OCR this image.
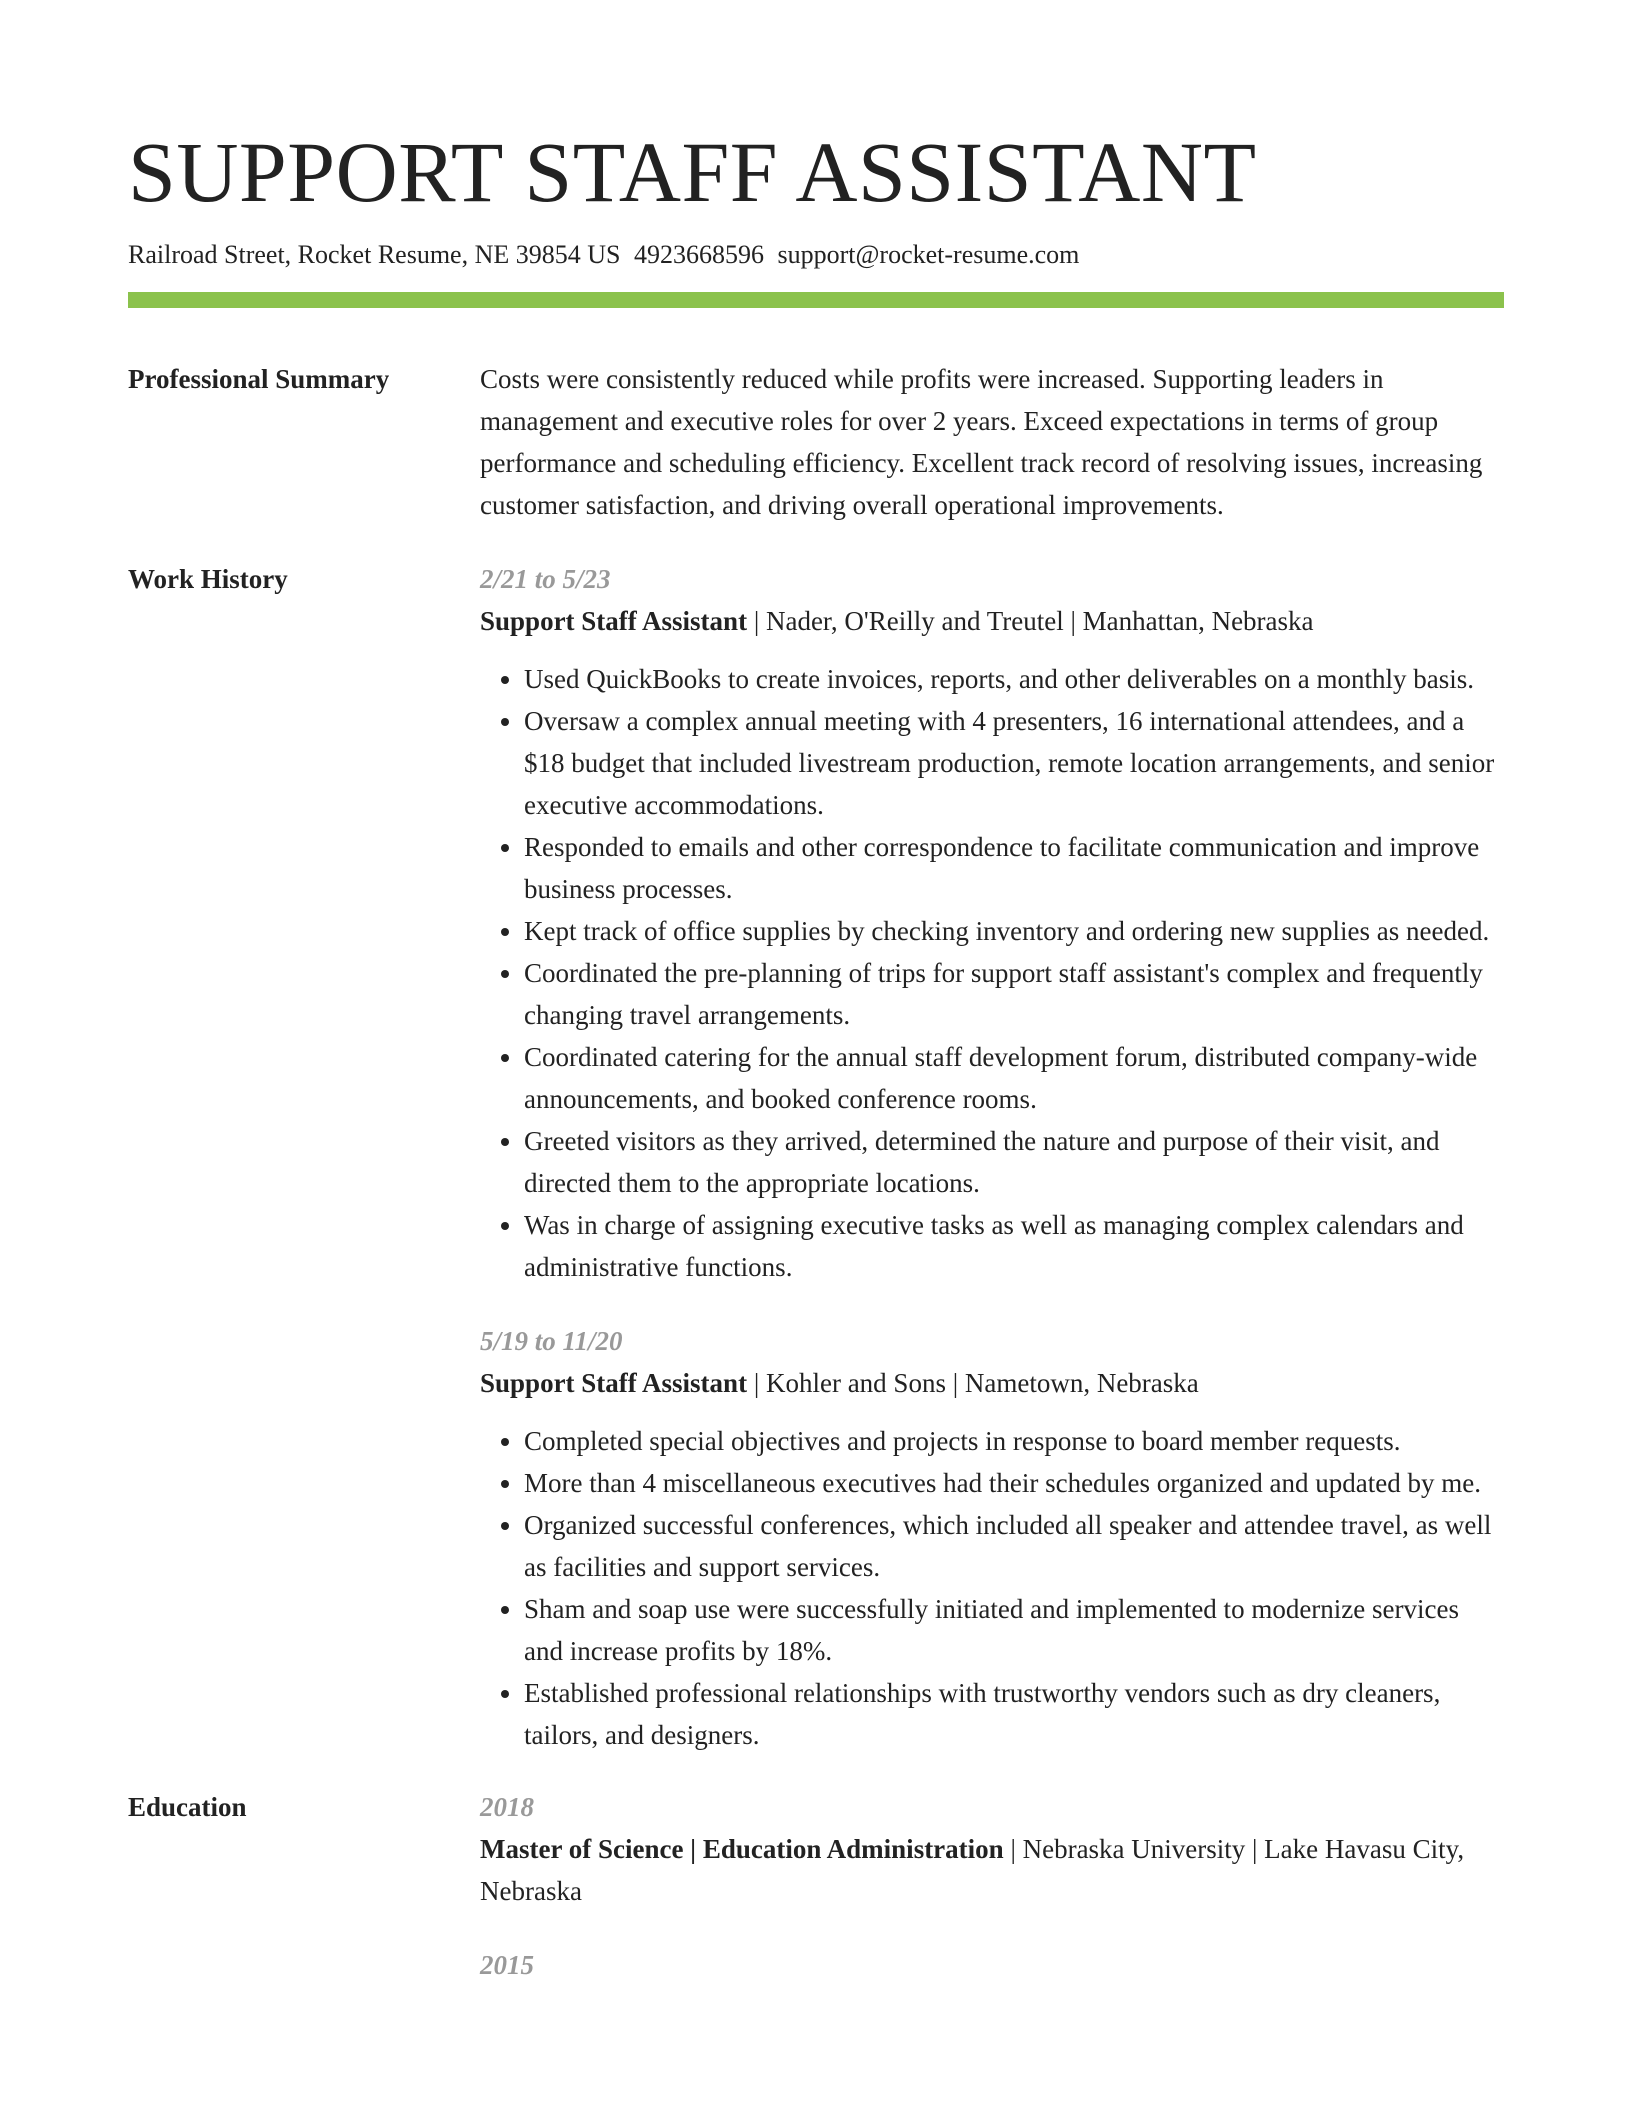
SUPPORT STAFF ASSISTANT
Railroad Street, Rocket Resume, NE 39854 US 4923668596 support@rocket-resume.com
Professional Summary	Costs were consistently reduced while profits were increased. Supporting leaders in management and executive roles for over 2 years. Exceed expectations in terms of group performance and scheduling efficiency. Excellent track record of resolving issues, increasing customer satisfaction, and driving overall operational improvements.
Work History	2/21 to 5/23
Support Staff Assistant | Nader, O'Reilly and Treutel | Manhattan, Nebraska
• Used QuickBooks to create invoices, reports, and other deliverables on a monthly basis.
• Oversaw a complex annual meeting with 4 presenters, 16 international attendees, and a $18 budget that included livestream production, remote location arrangements, and senior executive accommodations.
• Responded to emails and other correspondence to facilitate communication and improve business processes.
• Kept track of office supplies by checking inventory and ordering new supplies as needed.
• Coordinated the pre-planning of trips for support staff assistant's complex and frequently changing travel arrangements.
• Coordinated catering for the annual staff development forum, distributed company-wide announcements, and booked conference rooms.
• Greeted visitors as they arrived, determined the nature and purpose of their visit, and directed them to the appropriate locations.
• Was in charge of assigning executive tasks as well as managing complex calendars and administrative functions.
5/19 to 11/20
Support Staff Assistant | Kohler and Sons | Nametown, Nebraska
• Completed special objectives and projects in response to board member requests.
• More than 4 miscellaneous executives had their schedules organized and updated by me.
• Organized successful conferences, which included all speaker and attendee travel, as well as facilities and support services.
• Sham and soap use were successfully initiated and implemented to modernize services and increase profits by 18%.
• Established professional relationships with trustworthy vendors such as dry cleaners, tailors, and designers.
Education	2018
Master of Science | Education Administration | Nebraska University | Lake Havasu City, Nebraska
2015
